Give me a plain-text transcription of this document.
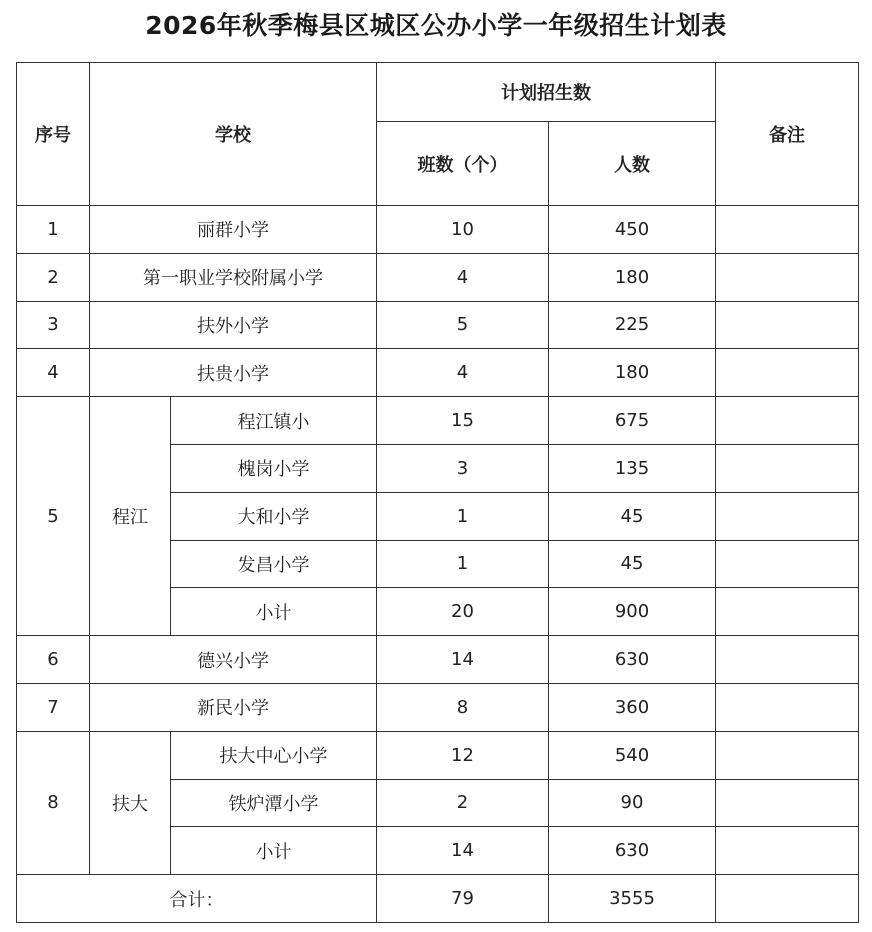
2026年秋季梅县区城区公办小学一年级招生计划表
序号	学校		计划招生数		备注
			班数（个）	人数	
1	丽群小学		10	450	
2	第一职业学校附属小学		4	180	
3	扶外小学		5	225	
4	扶贵小学		4	180	
5	程江	程江镇小	15	675	
		槐岗小学	3	135	
		大和小学	1	45	
		发昌小学	1	45	
		小计	20	900	
6	德兴小学		14	630	
7	新民小学		8	360	
8	扶大	扶大中心小学	12	540	
		铁炉潭小学	2	90	
		小计	14	630	
合计：			79	3555	
